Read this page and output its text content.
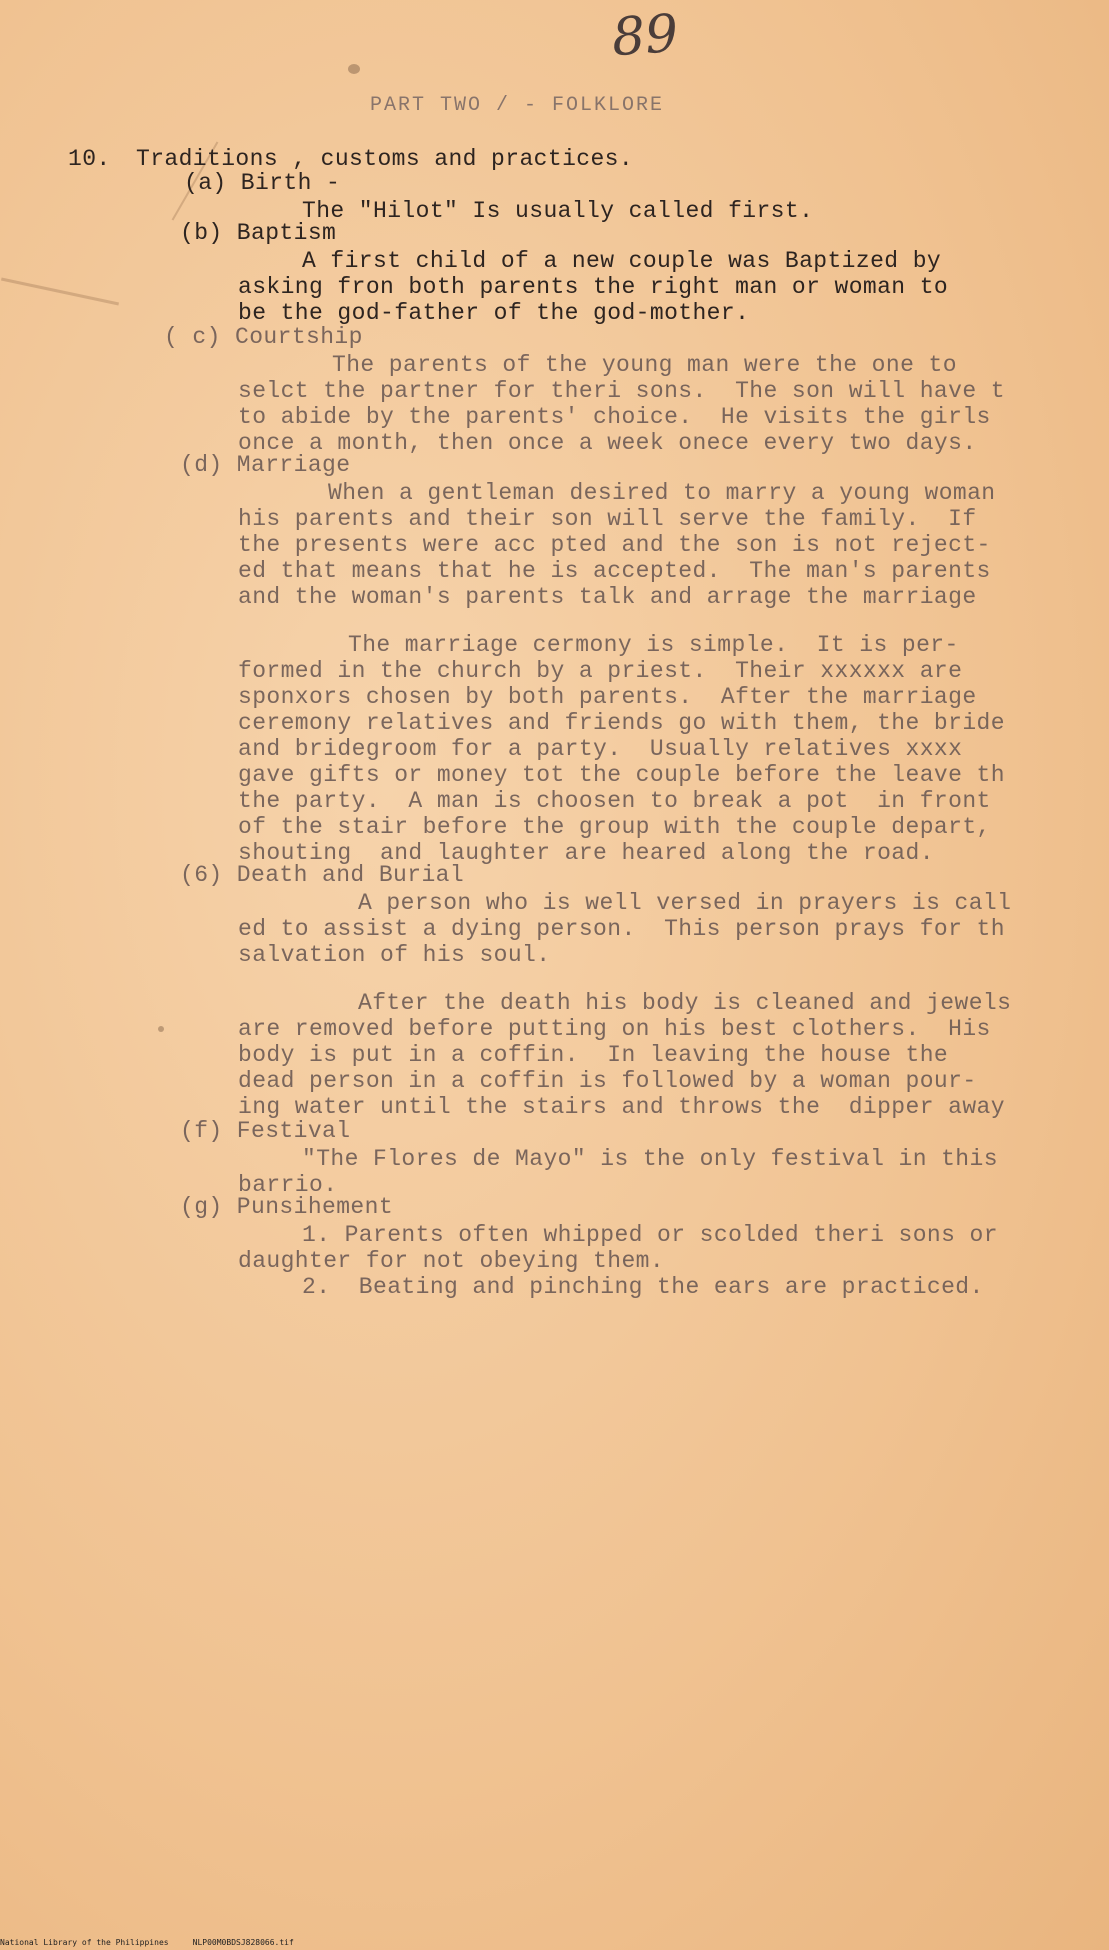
89
PART TWO / - FOLKLORE
10. Traditions , customs and practices.
(a) Birth -
The "Hilot" Is usually called first.
(b) Baptism
A first child of a new couple was Baptized by
asking fron both parents the right man or woman to
be the god-father of the god-mother.
( c) Courtship
The parents of the young man were the one to
selct the partner for theri sons.  The son will have t
to abide by the parents' choice.  He visits the girls
once a month, then once a week onece every two days.
(d) Marriage
When a gentleman desired to marry a young woman
his parents and their son will serve the family.  If
the presents were acc pted and the son is not reject-
ed that means that he is accepted.  The man's parents
and the woman's parents talk and arrage the marriage
The marriage cermony is simple.  It is per-
formed in the church by a priest.  Their xxxxxx are
sponxors chosen by both parents.  After the marriage
ceremony relatives and friends go with them, the bride
and bridegroom for a party.  Usually relatives xxxx
gave gifts or money tot the couple before the leave th
the party.  A man is choosen to break a pot  in front
of the stair before the group with the couple depart,
shouting  and laughter are heared along the road.
(6) Death and Burial
A person who is well versed in prayers is call
ed to assist a dying person.  This person prays for th
salvation of his soul.
After the death his body is cleaned and jewels
are removed before putting on his best clothers.  His
body is put in a coffin.  In leaving the house the
dead person in a coffin is followed by a woman pour-
ing water until the stairs and throws the  dipper away
(f) Festival
"The Flores de Mayo" is the only festival in this
barrio.
(g) Punsihement
1. Parents often whipped or scolded theri sons or
daughter for not obeying them.
2.  Beating and pinching the ears are practiced.
National Library of the Philippines     NLP00M0BDSJ828066.tif
